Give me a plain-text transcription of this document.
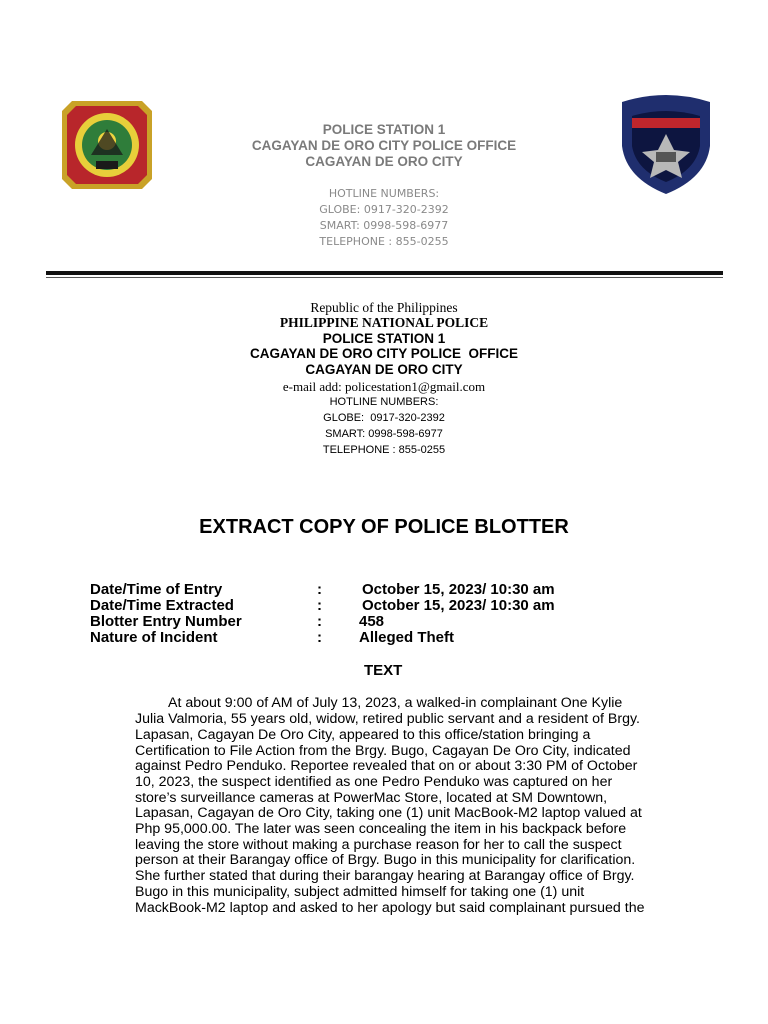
POLICE STATION 1
CAGAYAN DE ORO CITY POLICE OFFICE
CAGAYAN DE ORO CITY
HOTLINE NUMBERS:
GLOBE: 0917-320-2392
SMART: 0998-598-6977
TELEPHONE : 855-0255
Republic of the Philippines
PHILIPPINE NATIONAL POLICE
POLICE STATION 1
CAGAYAN DE ORO CITY POLICE  OFFICE
CAGAYAN DE ORO CITY
e-mail add: policestation1@gmail.com
HOTLINE NUMBERS:
GLOBE:  0917-320-2392
SMART: 0998-598-6977
TELEPHONE : 855-0255
EXTRACT COPY OF POLICE BLOTTER
Date/Time of Entry	:	October 15, 2023/ 10:30 am
Date/Time Extracted	:	October 15, 2023/ 10:30 am
Blotter Entry Number	: 458
Nature of Incident	: Alleged Theft
TEXT
At about 9:00 of AM of July 13, 2023, a walked-in complainant One Kylie
Julia Valmoria, 55 years old, widow, retired public servant and a resident of Brgy.
Lapasan, Cagayan De Oro City, appeared to this office/station bringing a
Certification to File Action from the Brgy. Bugo, Cagayan De Oro City, indicated
against Pedro Penduko. Reportee revealed that on or about 3:30 PM of October
10, 2023, the suspect identified as one Pedro Penduko was captured on her
store’s surveillance cameras at PowerMac Store, located at SM Downtown,
Lapasan, Cagayan de Oro City, taking one (1) unit MacBook-M2 laptop valued at
Php 95,000.00. The later was seen concealing the item in his backpack before
leaving the store without making a purchase reason for her to call the suspect
person at their Barangay office of Brgy. Bugo in this municipality for clarification.
She further stated that during their barangay hearing at Barangay office of Brgy.
Bugo in this municipality, subject admitted himself for taking one (1) unit
MackBook-M2 laptop and asked to her apology but said complainant pursued the
